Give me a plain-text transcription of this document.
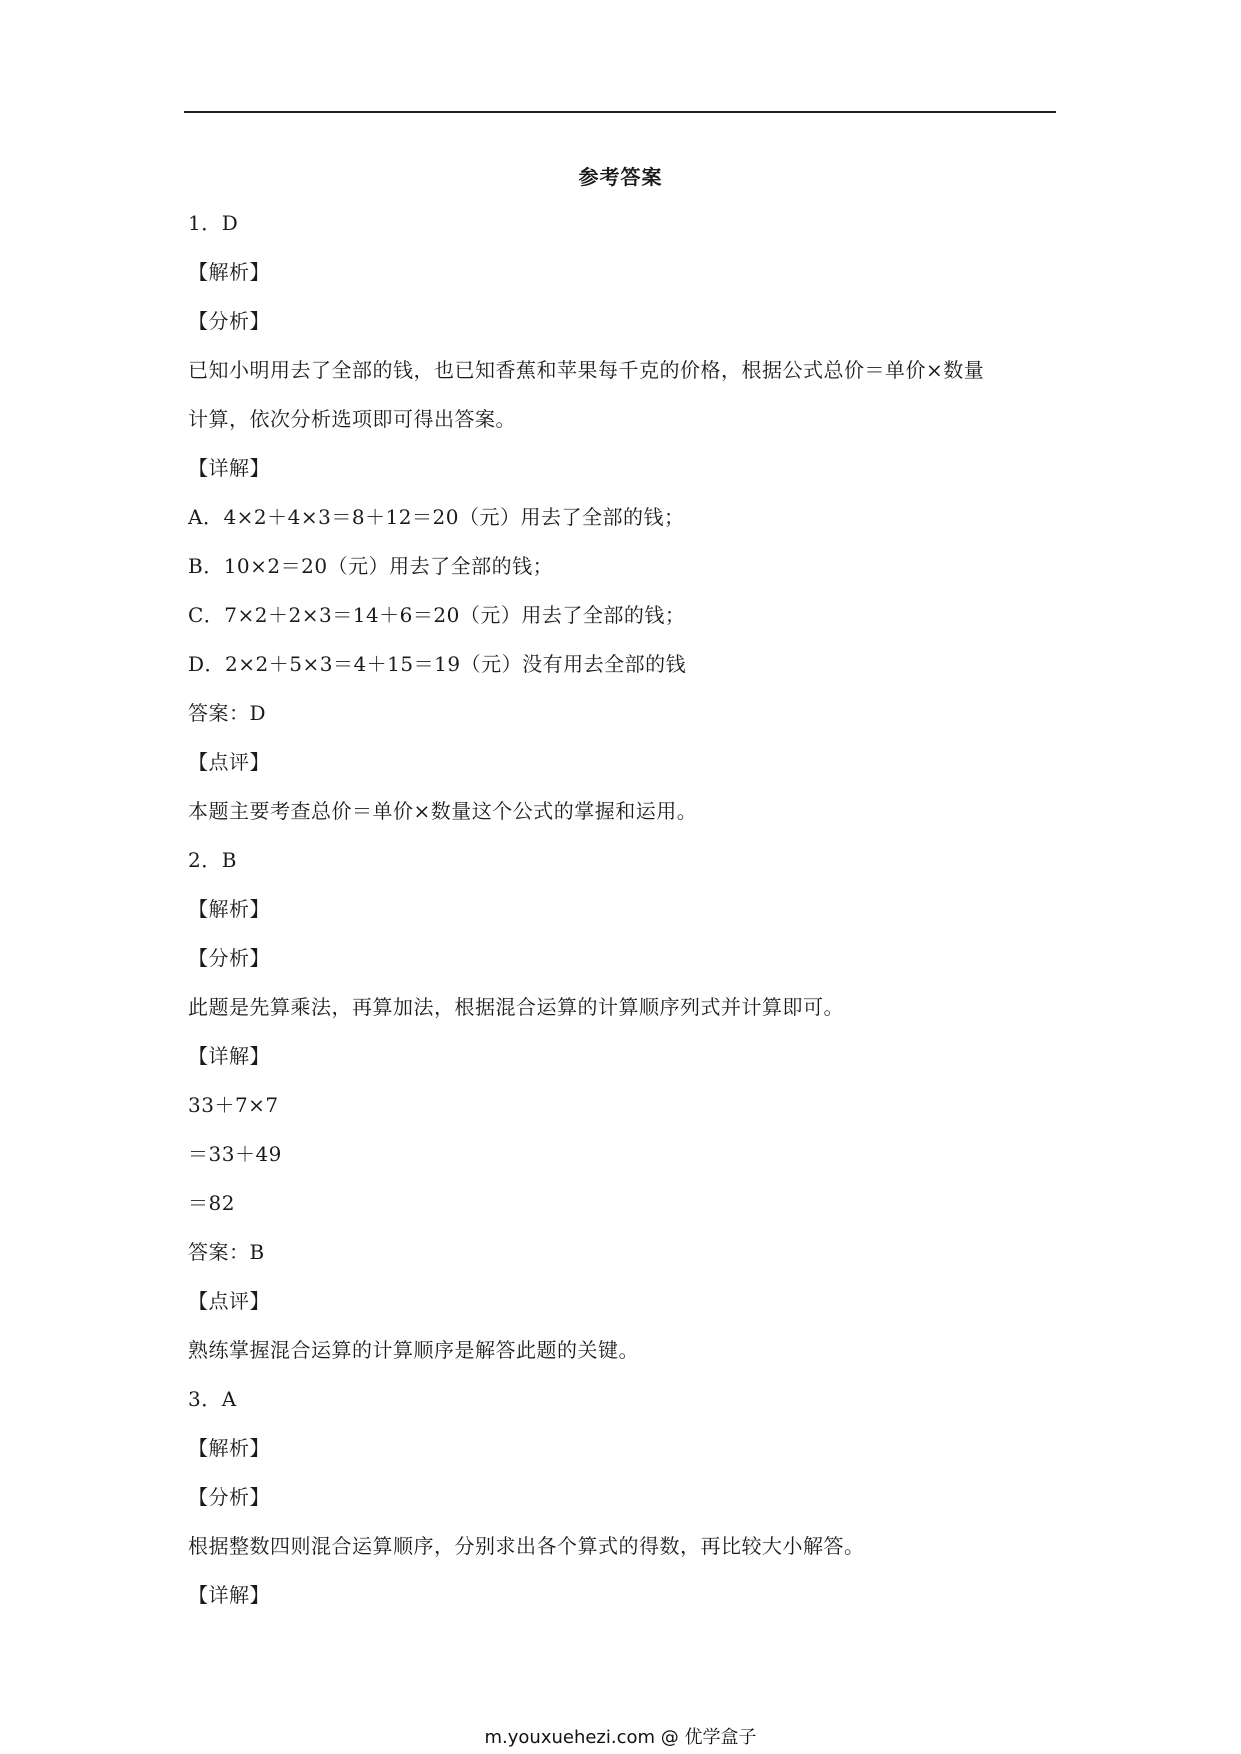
参考答案
1．D
【解析】
【分析】
已知小明用去了全部的钱，也已知香蕉和苹果每千克的价格，根据公式总价＝单价×数量
计算，依次分析选项即可得出答案。
【详解】
A．4×2＋4×3＝8＋12＝20（元）用去了全部的钱；
B．10×2＝20（元）用去了全部的钱；
C．7×2＋2×3＝14＋6＝20（元）用去了全部的钱；
D．2×2＋5×3＝4＋15＝19（元）没有用去全部的钱
答案：D
【点评】
本题主要考查总价＝单价×数量这个公式的掌握和运用。
2．B
【解析】
【分析】
此题是先算乘法，再算加法，根据混合运算的计算顺序列式并计算即可。
【详解】
33＋7×7
＝33＋49
＝82
答案：B
【点评】
熟练掌握混合运算的计算顺序是解答此题的关键。
3．A
【解析】
【分析】
根据整数四则混合运算顺序，分别求出各个算式的得数，再比较大小解答。
【详解】
m.youxuehezi.com @ 优学盒子
